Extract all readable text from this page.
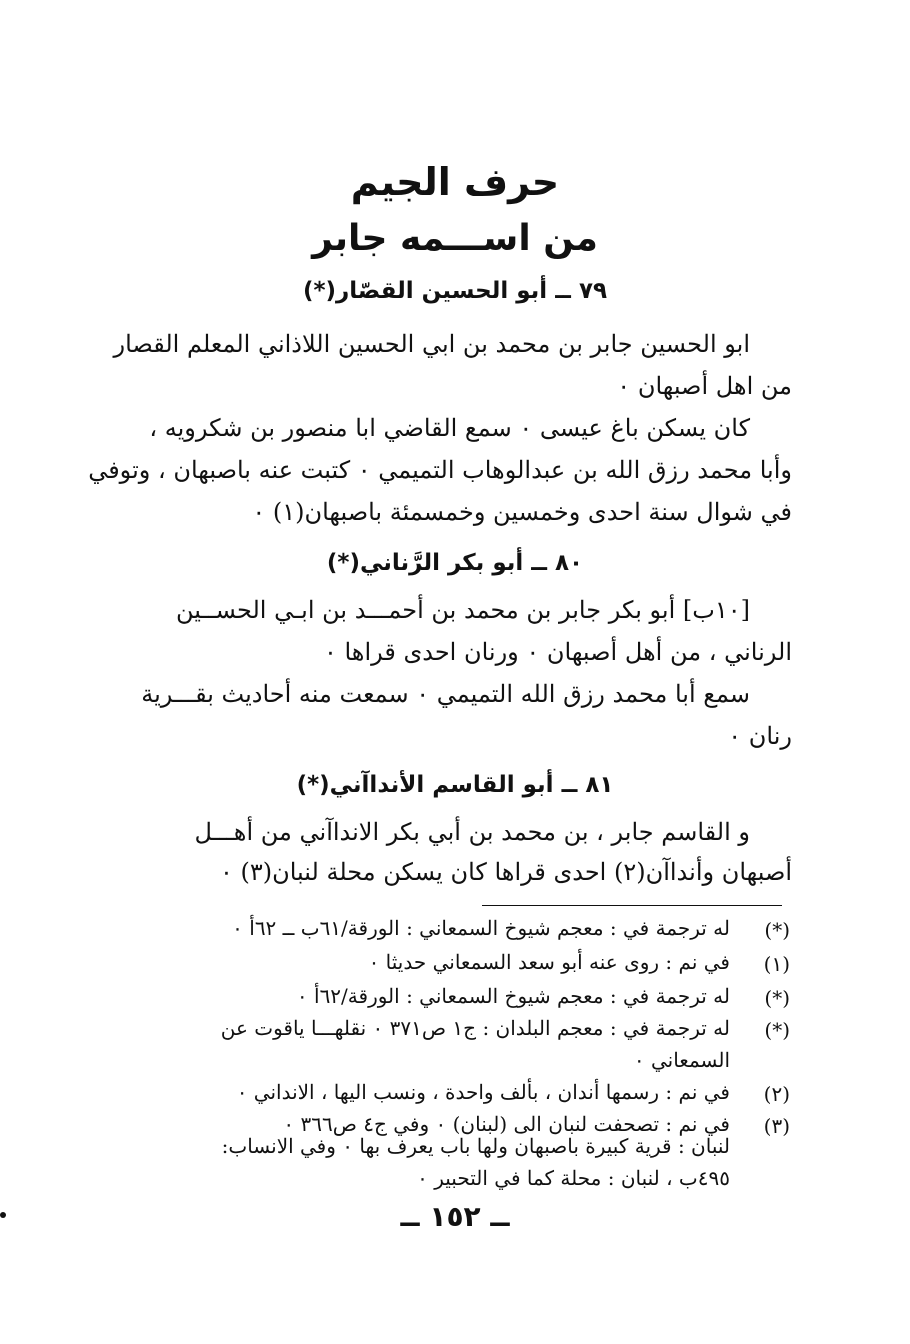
حرف الجيم
من اســـمه جابر
٧٩ ــ أبو الحسين القصّار(*)
ابو الحسين جابر بن محمد بن ابي الحسين اللاذاني المعلم القصار
من اهل أصبهان ٠
كان يسكن باغ عيسى ٠ سمع القاضي ابا منصور بن شكرويه ،
وأبا محمد رزق الله بن عبدالوهاب التميمي ٠ كتبت عنه باصبهان ، وتوفي
في شوال سنة احدى وخمسين وخمسمئة باصبهان(١) ٠
٨٠ ــ أبو بكر الرَّناني(*)
[١٠ب] أبو بكر جابر بن محمد بن أحمـــد بن ابـي الحســين
الرناني ، من أهل أصبهان ٠ ورنان احدى قراها ٠
سمع أبا محمد رزق الله التميمي ٠ سمعت منه أحاديث بقـــرية
رنان ٠
٨١ ــ أبو القاسم الأنداآني(*)
و القاسم جابر ، بن محمد بن أبي بكر الانداآني من أهـــل
أصبهان وأنداآن(٢) احدى قراها كان يسكن محلة لنبان(٣) ٠
(*)
له ترجمة في : معجم شيوخ السمعاني : الورقة/٦١ب ــ ٦٢أ ٠
(١)
في نم : روى عنه أبو سعد السمعاني حديثا ٠
(*)
له ترجمة في : معجم شيوخ السمعاني : الورقة/٦٢أ ٠
(*)
له ترجمة في : معجم البلدان : ج١ ص٣٧١ ٠ نقلهـــا ياقوت عن
السمعاني ٠
(٢)
في نم : رسمها أندان ، بألف واحدة ، ونسب اليها ، الانداني ٠
(٣)
في نم : تصحفت لنبان الى (لبنان) ٠ وفي ج٤ ص٣٦٦ ٠
لنبان : قرية كبيرة باصبهان ولها باب يعرف بها ٠ وفي الانساب:
٤٩٥ب ، لنبان : محلة كما في التحبير ٠
ــ ١٥٢ ــ
